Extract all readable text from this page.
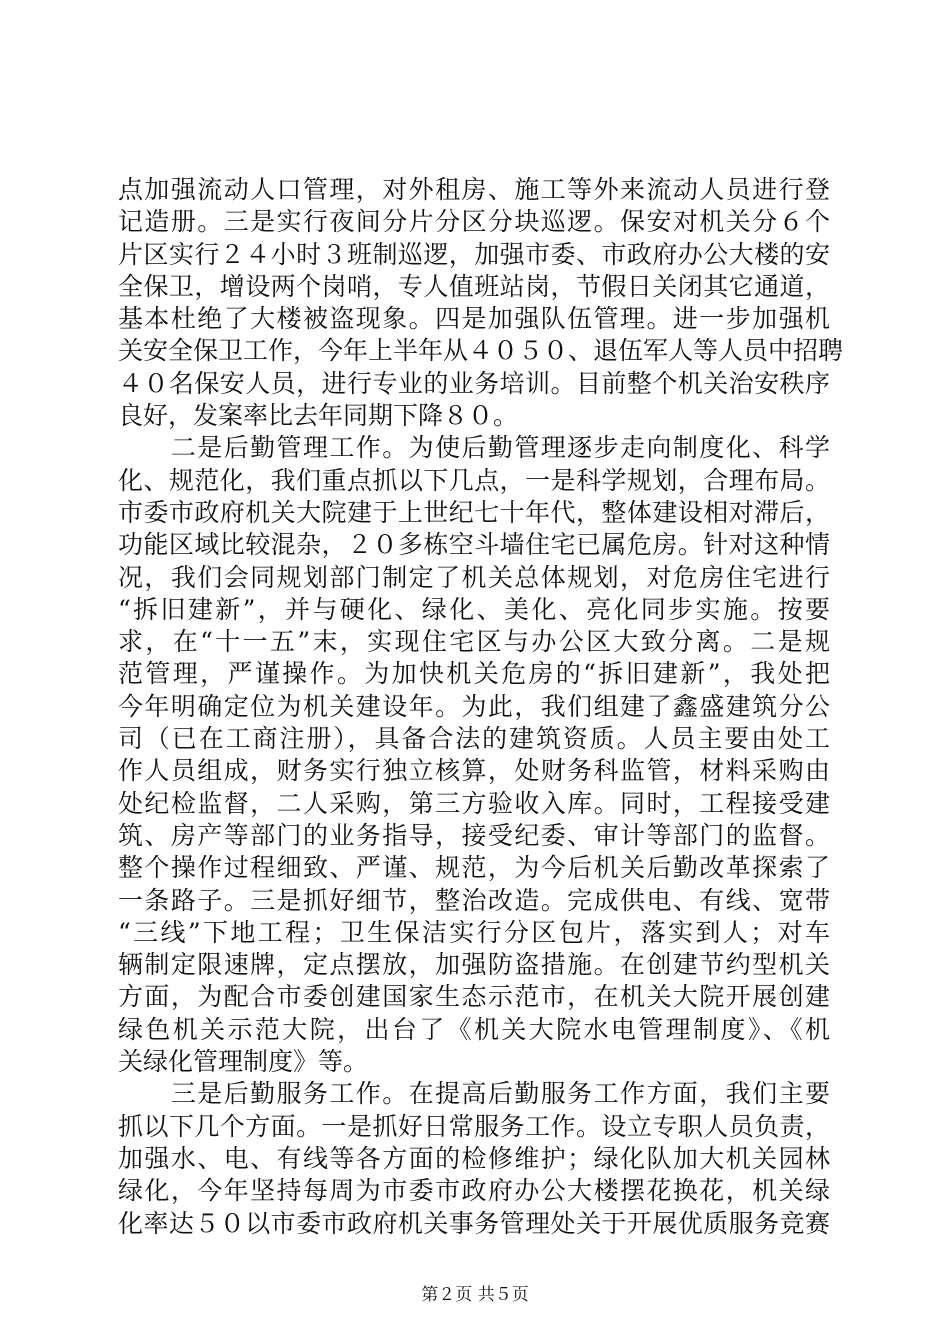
点加强流动人口管理，对外租房、施工等外来流动人员进行登
记造册。三是实行夜间分片分区分块巡逻。保安对机关分６个
片区实行２４小时３班制巡逻，加强市委、市政府办公大楼的安
全保卫，增设两个岗哨，专人值班站岗，节假日关闭其它通道，
基本杜绝了大楼被盗现象。四是加强队伍管理。进一步加强机
关安全保卫工作，今年上半年从４０５０、退伍军人等人员中招聘
４０名保安人员，进行专业的业务培训。目前整个机关治安秩序
良好，发案率比去年同期下降８０。
　　二是后勤管理工作。为使后勤管理逐步走向制度化、科学
化、规范化，我们重点抓以下几点，一是科学规划，合理布局。
市委市政府机关大院建于上世纪七十年代，整体建设相对滞后，
功能区域比较混杂，２０多栋空斗墙住宅已属危房。针对这种情
况，我们会同规划部门制定了机关总体规划，对危房住宅进行
“拆旧建新”，并与硬化、绿化、美化、亮化同步实施。按要
求，在“十一五”末，实现住宅区与办公区大致分离。二是规
范管理，严谨操作。为加快机关危房的“拆旧建新”，我处把
今年明确定位为机关建设年。为此，我们组建了鑫盛建筑分公
司（已在工商注册），具备合法的建筑资质。人员主要由处工
作人员组成，财务实行独立核算，处财务科监管，材料采购由
处纪检监督，二人采购，第三方验收入库。同时，工程接受建
筑、房产等部门的业务指导，接受纪委、审计等部门的监督。
整个操作过程细致、严谨、规范，为今后机关后勤改革探索了
一条路子。三是抓好细节，整治改造。完成供电、有线、宽带
“三线”下地工程；卫生保洁实行分区包片，落实到人；对车
辆制定限速牌，定点摆放，加强防盗措施。在创建节约型机关
方面，为配合市委创建国家生态示范市，在机关大院开展创建
绿色机关示范大院，出台了《机关大院水电管理制度》、《机
关绿化管理制度》等。
　　三是后勤服务工作。在提高后勤服务工作方面，我们主要
抓以下几个方面。一是抓好日常服务工作。设立专职人员负责，
加强水、电、有线等各方面的检修维护；绿化队加大机关园林
绿化，今年坚持每周为市委市政府办公大楼摆花换花，机关绿
化率达５０以市委市政府机关事务管理处关于开展优质服务竞赛
第２页 共５页
